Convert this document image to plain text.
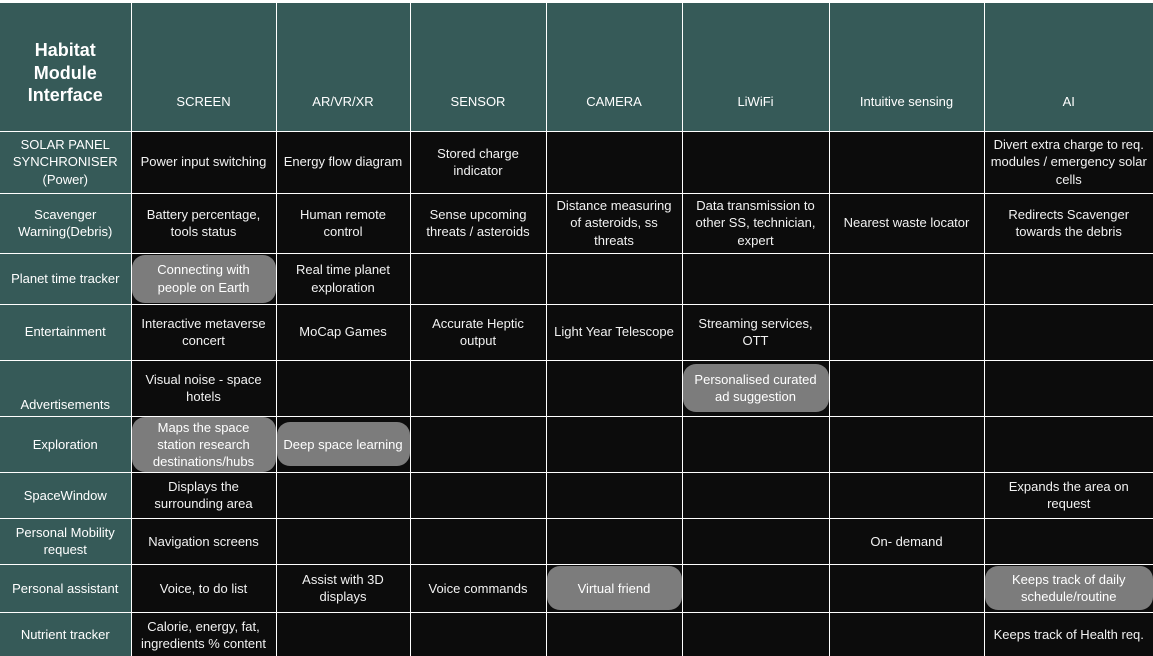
Habitat Module Interface	SCREEN	AR/VR/XR	SENSOR	CAMERA	LiWiFi	Intuitive sensing	AI
SOLAR PANEL SYNCHRONISER (Power)	Power input switching	Energy flow diagram	Stored charge indicator				Divert extra charge to req. modules / emergency solar cells
Scavenger Warning(Debris)	Battery percentage, tools status	Human remote control	Sense upcoming threats / asteroids	Distance measuring of asteroids, ss threats	Data transmission to other SS, technician, expert	Nearest waste locator	Redirects Scavenger towards the debris
Planet time tracker	Connecting with people on Earth	Real time planet exploration					
Entertainment	Interactive metaverse concert	MoCap Games	Accurate Heptic output	Light Year Telescope	Streaming services, OTT		
Advertisements	Visual noise - space hotels				Personalised curated ad suggestion		

Exploration	Maps the space station research destinations/hubs	Deep space learning					

SpaceWindow	Displays the surrounding area						Expands the area on request
Personal Mobility request	Navigation screens					On- demand	
Personal assistant	Voice, to do list	Assist with 3D displays	Voice commands	Virtual friend			Keeps track of daily schedule/routine

Nutrient tracker	Calorie, energy, fat, ingredients % content						Keeps track of Health req.
